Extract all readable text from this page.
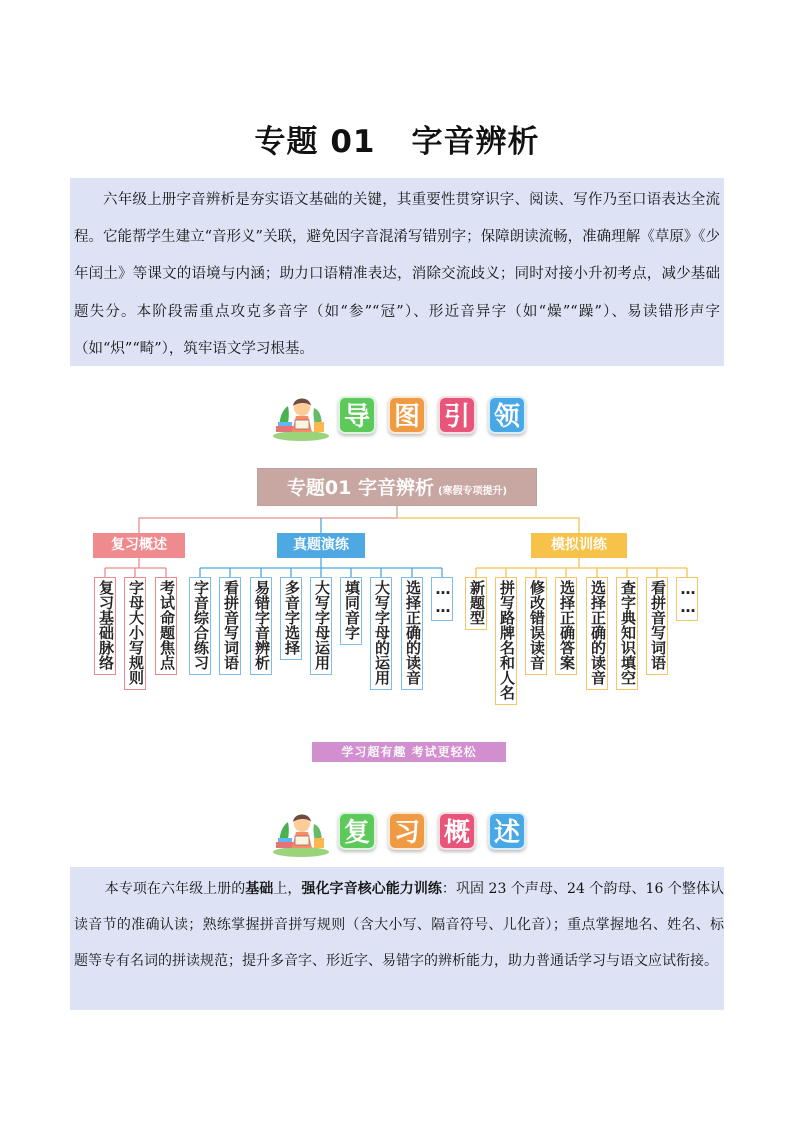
专题 01 字音辨析
六年级上册字音辨析是夯实语文基础的关键，其重要性贯穿识字、阅读、写作乃至口语表达全流程。它能帮学生建立“音形义”关联，避免因字音混淆写错别字；保障朗读流畅，准确理解《草原》《少年闰土》等课文的语境与内涵；助力口语精准表达，消除交流歧义；同时对接小升初考点，减少基础题失分。本阶段需重点攻克多音字（如“参”“冠”）、形近音异字（如“燥”“躁”）、易读错形声字（如“炽”“畸”），筑牢语文学习根基。
导 图 引 领
专题01 字音辨析 (寒假专项提升)
复习概述	真题演练	模拟训练
复习基础脉络 字母大小写规则 考试命题焦点 字音综合练习 看拼音写词语 易错字音辨析 多音字选择 大写字母运用 填同音字 大写字母的运用 选择正确的读音 …… 新题型 拼写路牌名和人名 修改错误读音 选择正确答案 选择正确的读音 查字典知识填空 看拼音写词语 ……
学习超有趣 考试更轻松
复 习 概 述
本专项在六年级上册的基础上，强化字音核心能力训练：巩固 23 个声母、24 个韵母、16 个整体认读音节的准确认读；熟练掌握拼音拼写规则（含大小写、隔音符号、儿化音）；重点掌握地名、姓名、标题等专有名词的拼读规范；提升多音字、形近字、易错字的辨析能力，助力普通话学习与语文应试衔接。
